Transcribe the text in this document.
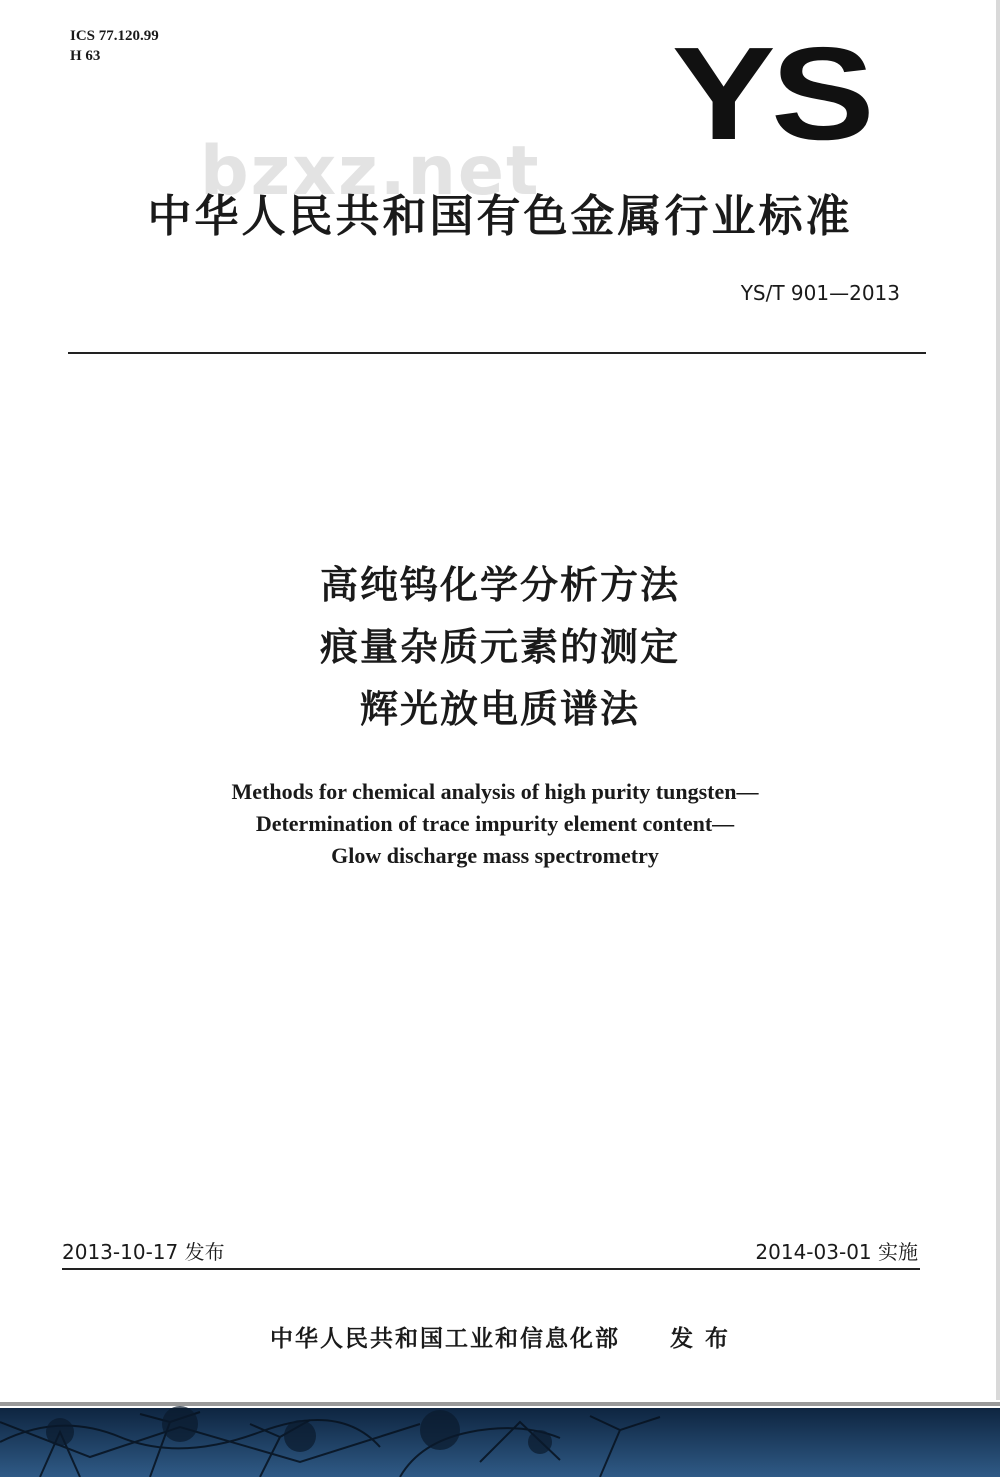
ICS 77.120.99
H 63	YS
bzxz.net
中华人民共和国有色金属行业标准
YS/T 901—2013
高纯钨化学分析方法
痕量杂质元素的测定
辉光放电质谱法
Methods for chemical analysis of high purity tungsten—
Determination of trace impurity element content—
Glow discharge mass spectrometry
2013-10-17 发布	2014-03-01 实施
中华人民共和国工业和信息化部 发 布
